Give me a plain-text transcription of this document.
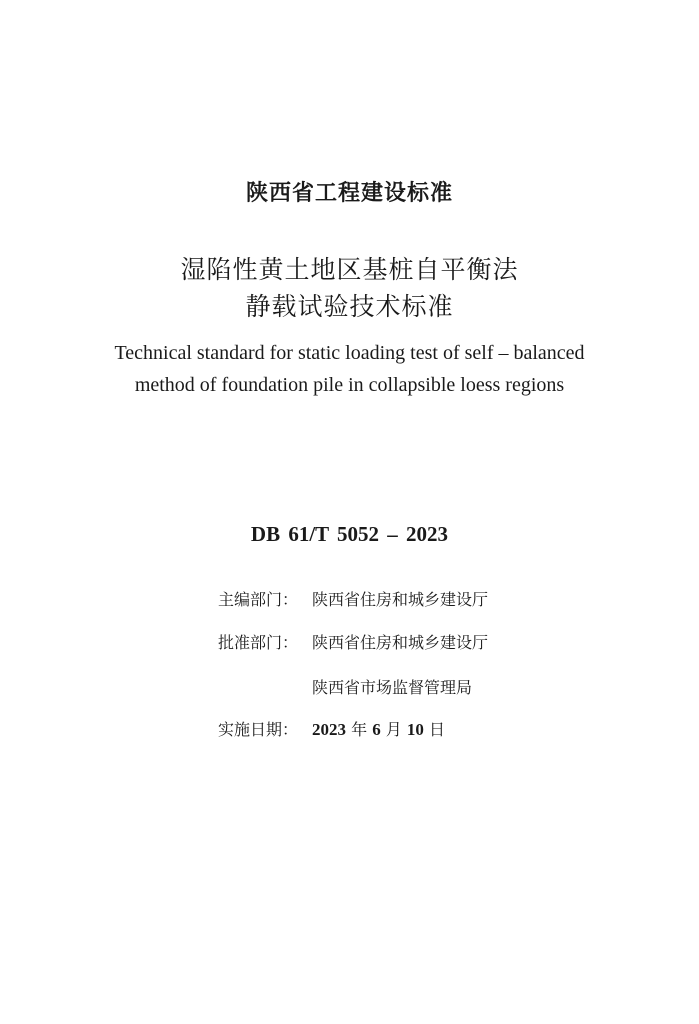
陕西省工程建设标准
湿陷性黄土地区基桩自平衡法
静载试验技术标准
Technical standard for static loading test of self – balanced
method of foundation pile in collapsible loess regions
DB 61/T 5052 – 2023
主编部门： 陕西省住房和城乡建设厅
批准部门： 陕西省住房和城乡建设厅
陕西省市场监督管理局
实施日期： 2023 年 6 月 10 日
